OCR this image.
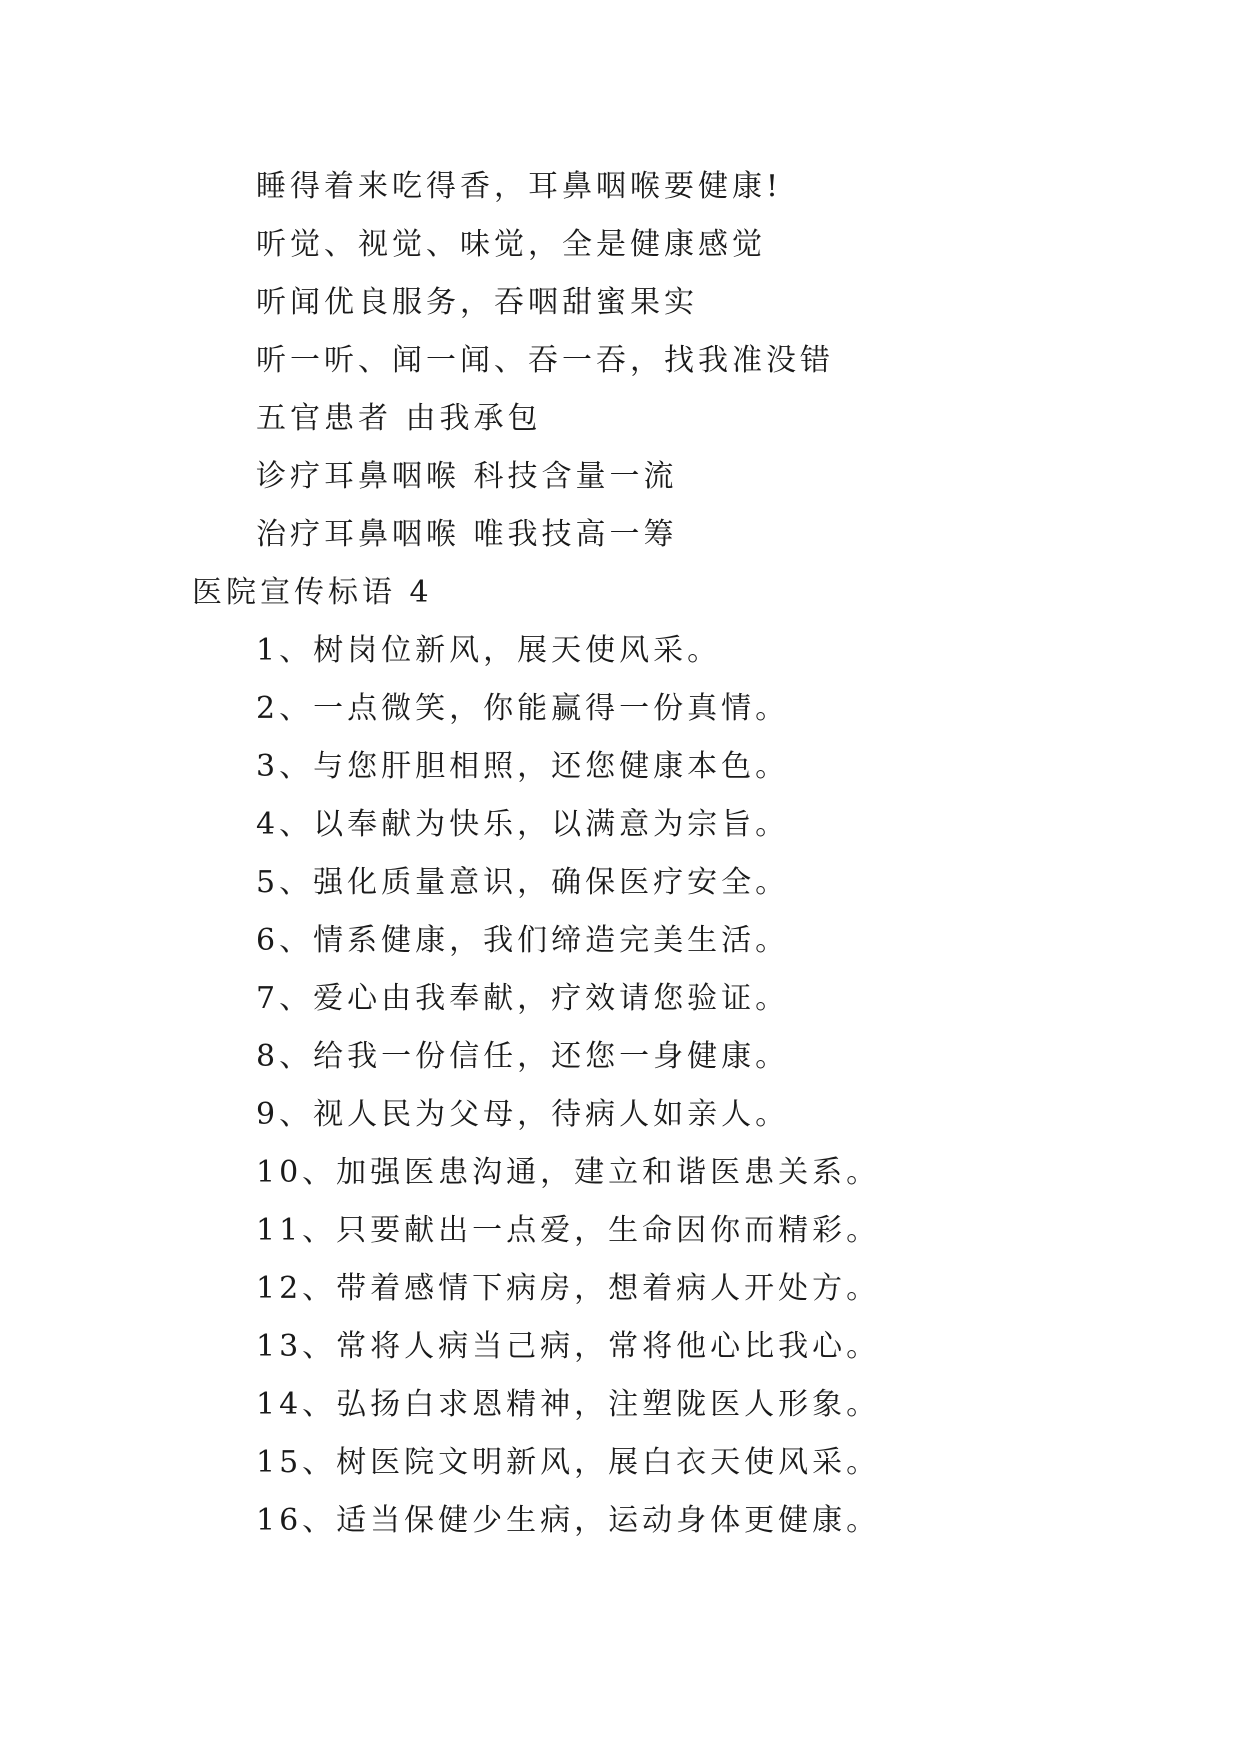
睡得着来吃得香，耳鼻咽喉要健康!
听觉、视觉、味觉，全是健康感觉
听闻优良服务，吞咽甜蜜果实
听一听、闻一闻、吞一吞，找我准没错
五官患者 由我承包
诊疗耳鼻咽喉 科技含量一流
治疗耳鼻咽喉 唯我技高一筹
医院宣传标语 4
1、树岗位新风，展天使风采。
2、一点微笑，你能赢得一份真情。
3、与您肝胆相照，还您健康本色。
4、以奉献为快乐，以满意为宗旨。
5、强化质量意识，确保医疗安全。
6、情系健康，我们缔造完美生活。
7、爱心由我奉献，疗效请您验证。
8、给我一份信任，还您一身健康。
9、视人民为父母，待病人如亲人。
10、加强医患沟通，建立和谐医患关系。
11、只要献出一点爱，生命因你而精彩。
12、带着感情下病房，想着病人开处方。
13、常将人病当己病，常将他心比我心。
14、弘扬白求恩精神，注塑陇医人形象。
15、树医院文明新风，展白衣天使风采。
16、适当保健少生病，运动身体更健康。
